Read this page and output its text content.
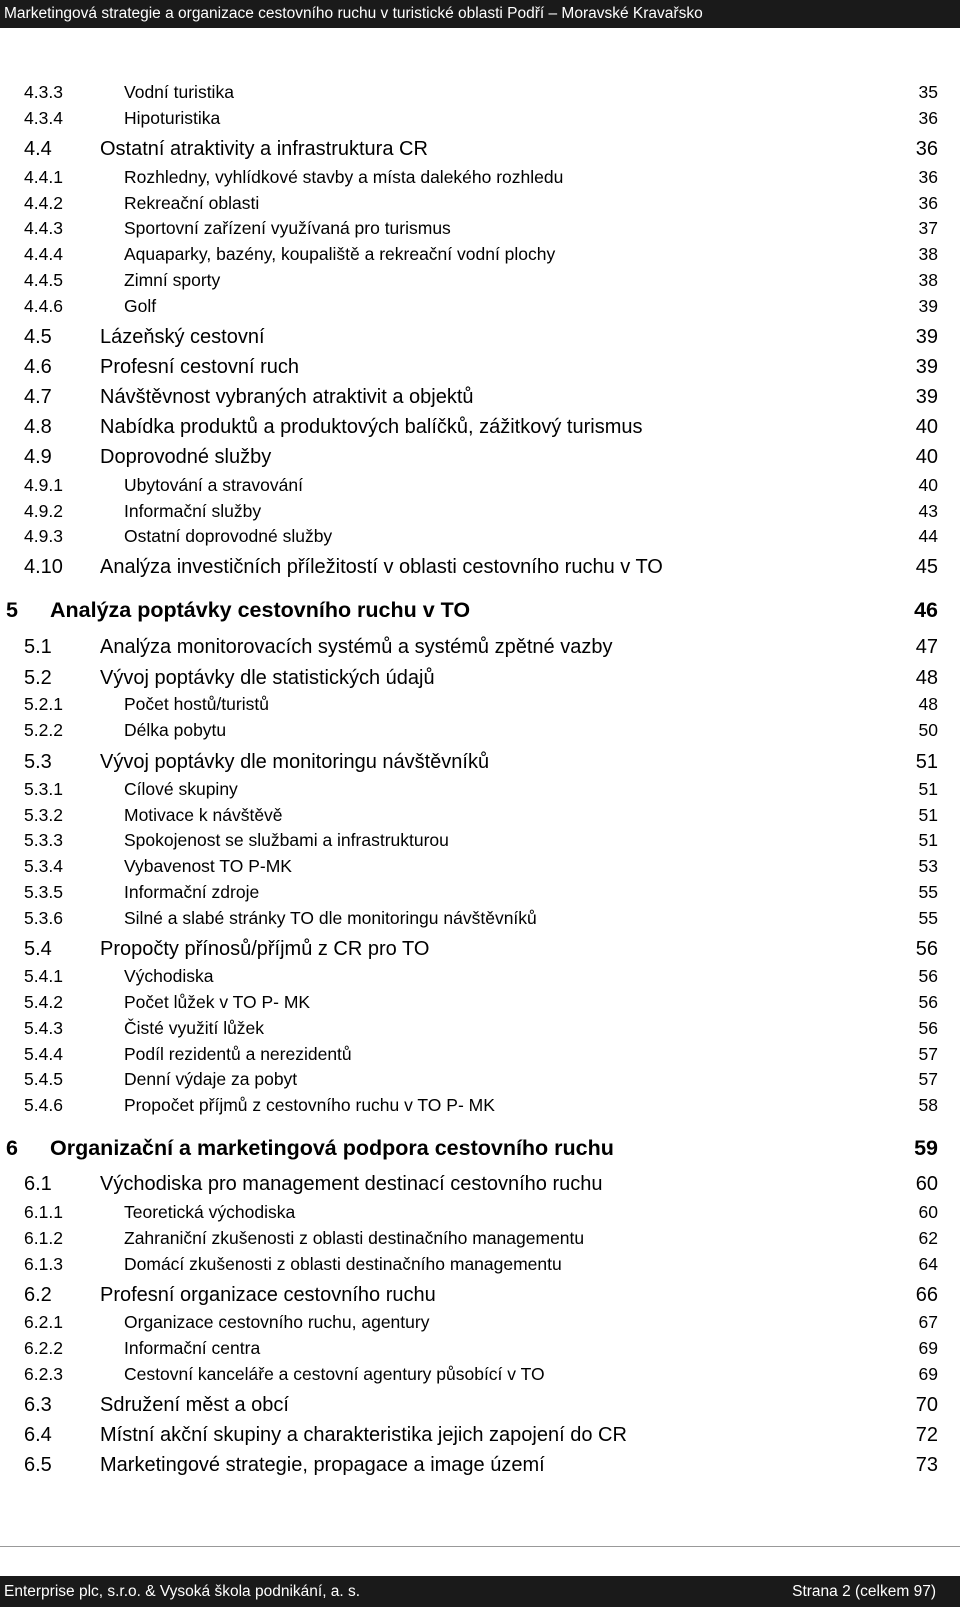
Marketingová strategie a organizace cestovního ruchu v turistické oblasti Podří – Moravské Kravařsko
4.3.3	Vodní turistika	35
4.3.4	Hipoturistika	36
4.4 Ostatní atraktivity a infrastruktura CR	36
4.4.1	Rozhledny, vyhlídkové stavby a místa dalekého rozhledu	36
4.4.2	Rekreační oblasti	36
4.4.3	Sportovní zařízení využívaná pro turismus	37
4.4.4	Aquaparky, bazény, koupaliště a rekreační vodní plochy	38
4.4.5	Zimní sporty	38
4.4.6	Golf	39
4.5 Lázeňský cestovní	39
4.6 Profesní cestovní ruch	39
4.7 Návštěvnost vybraných atraktivit a objektů	39
4.8 Nabídka produktů a produktových balíčků, zážitkový turismus	40
4.9 Doprovodné služby	40
4.9.1	Ubytování a stravování	40
4.9.2	Informační služby	43
4.9.3	Ostatní doprovodné služby	44
4.10 Analýza investičních příležitostí v oblasti cestovního ruchu v TO	45
5 Analýza poptávky cestovního ruchu v TO	46
5.1 Analýza monitorovacích systémů a systémů zpětné vazby	47
5.2 Vývoj poptávky dle statistických údajů	48
5.2.1	Počet hostů/turistů	48
5.2.2	Délka pobytu	50
5.3 Vývoj poptávky dle monitoringu návštěvníků	51
5.3.1	Cílové skupiny	51
5.3.2	Motivace k návštěvě	51
5.3.3	Spokojenost se službami a infrastrukturou	51
5.3.4	Vybavenost TO P-MK	53
5.3.5	Informační zdroje	55
5.3.6	Silné a slabé stránky TO dle monitoringu návštěvníků	55
5.4 Propočty přínosů/příjmů z CR pro TO	56
5.4.1	Východiska	56
5.4.2	Počet lůžek v TO P- MK	56
5.4.3	Čisté využití lůžek	56
5.4.4	Podíl rezidentů a nerezidentů	57
5.4.5	Denní výdaje za pobyt	57
5.4.6	Propočet příjmů z cestovního ruchu v TO P- MK	58
6 Organizační a marketingová podpora cestovního ruchu	59
6.1 Východiska pro management destinací cestovního ruchu	60
6.1.1	Teoretická východiska	60
6.1.2	Zahraniční zkušenosti z oblasti destinačního managementu	62
6.1.3	Domácí zkušenosti z oblasti destinačního managementu	64
6.2 Profesní organizace cestovního ruchu	66
6.2.1	Organizace cestovního ruchu, agentury	67
6.2.2	Informační centra	69
6.2.3	Cestovní kanceláře a cestovní agentury působící v TO	69
6.3 Sdružení měst a obcí	70
6.4 Místní akční skupiny a charakteristika jejich zapojení do CR	72
6.5 Marketingové strategie, propagace a image území	73
Enterprise plc, s.r.o. & Vysoká škola podnikání, a. s.	Strana 2 (celkem 97)
